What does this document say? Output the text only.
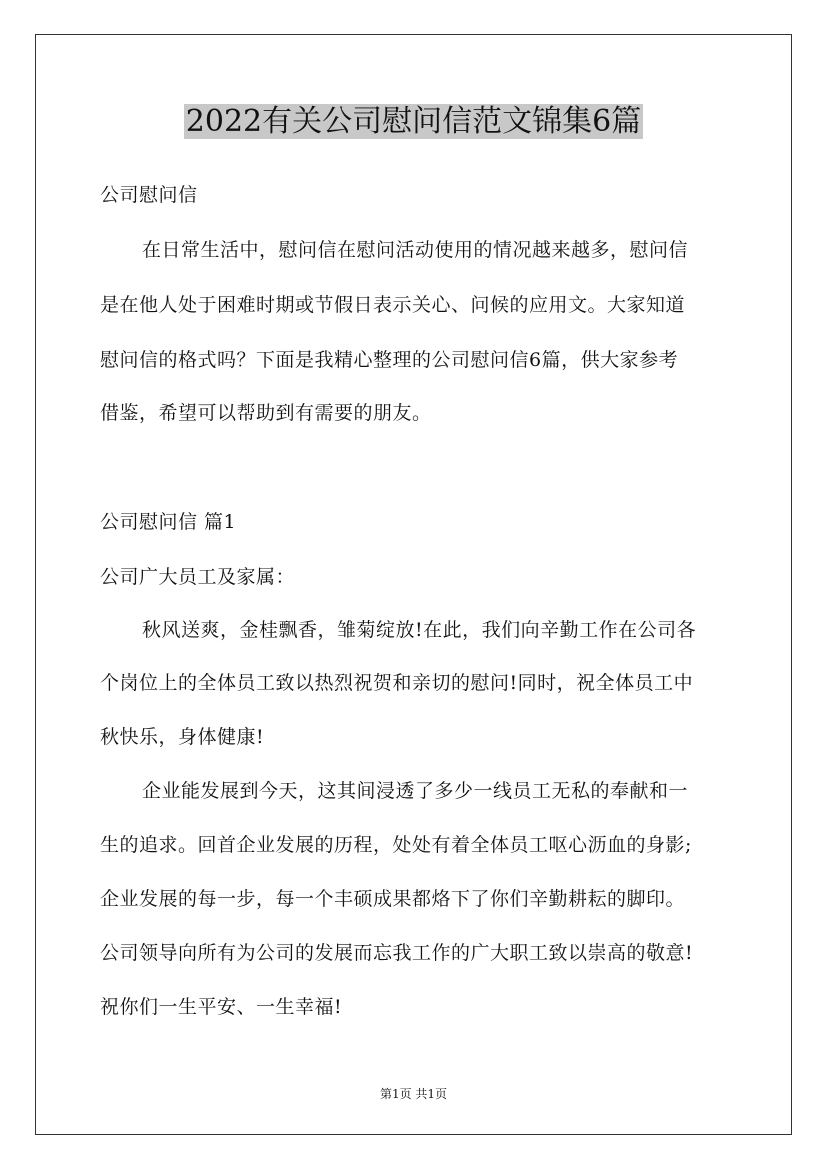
2022有关公司慰问信范文锦集6篇
公司慰问信
在日常生活中，慰问信在慰问活动使用的情况越来越多，慰问信
是在他人处于困难时期或节假日表示关心、问候的应用文。大家知道
慰问信的格式吗？下面是我精心整理的公司慰问信6篇，供大家参考
借鉴，希望可以帮助到有需要的朋友。
公司慰问信 篇1
公司广大员工及家属：
秋风送爽，金桂飘香，雏菊绽放!在此，我们向辛勤工作在公司各
个岗位上的全体员工致以热烈祝贺和亲切的慰问!同时，祝全体员工中
秋快乐，身体健康!
企业能发展到今天，这其间浸透了多少一线员工无私的奉献和一
生的追求。回首企业发展的历程，处处有着全体员工呕心沥血的身影;
企业发展的每一步，每一个丰硕成果都烙下了你们辛勤耕耘的脚印。
公司领导向所有为公司的发展而忘我工作的广大职工致以崇高的敬意!
祝你们一生平安、一生幸福!
第1页 共1页
